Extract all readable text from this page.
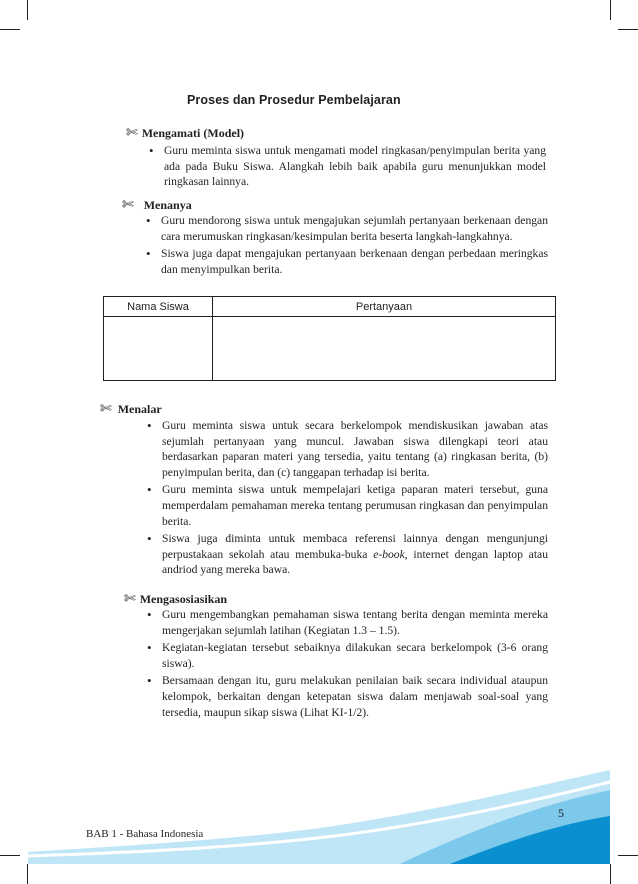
Proses dan Prosedur Pembelajaran
✄ Mengamati (Model)
• Guru meminta siswa untuk mengamati model ringkasan/penyimpulan berita yang ada pada Buku Siswa. Alangkah lebih baik apabila guru menunjukkan model ringkasan lainnya.
✄ Menanya
• Guru mendorong siswa untuk mengajukan sejumlah pertanyaan berkenaan dengan cara merumuskan ringkasan/kesimpulan berita beserta langkah-langkahnya.
• Siswa juga dapat mengajukan pertanyaan berkenaan dengan perbedaan meringkas dan menyimpulkan berita.
Nama Siswa	Pertanyaan

✄ Menalar
• Guru meminta siswa untuk secara berkelompok mendiskusikan jawaban atas sejumlah pertanyaan yang muncul. Jawaban siswa dilengkapi teori atau berdasarkan paparan materi yang tersedia, yaitu tentang (a) ringkasan berita, (b) penyimpulan berita, dan (c) tanggapan terhadap isi berita.
• Guru meminta siswa untuk mempelajari ketiga paparan materi tersebut, guna memperdalam pemahaman mereka tentang perumusan ringkasan dan penyimpulan berita.
• Siswa juga diminta untuk membaca referensi lainnya dengan mengunjungi perpustakaan sekolah atau membuka-buka e-book, internet dengan laptop atau andriod yang mereka bawa.
✄ Mengasosiasikan
• Guru mengembangkan pemahaman siswa tentang berita dengan meminta mereka mengerjakan sejumlah latihan (Kegiatan 1.3 – 1.5).
• Kegiatan-kegiatan tersebut sebaiknya dilakukan secara berkelompok (3-6 orang siswa).
• Bersamaan dengan itu, guru melakukan penilaian baik secara individual ataupun kelompok, berkaitan dengan ketepatan siswa dalam menjawab soal-soal yang tersedia, maupun sikap siswa (Lihat KI-1/2).
5
BAB 1 - Bahasa Indonesia
